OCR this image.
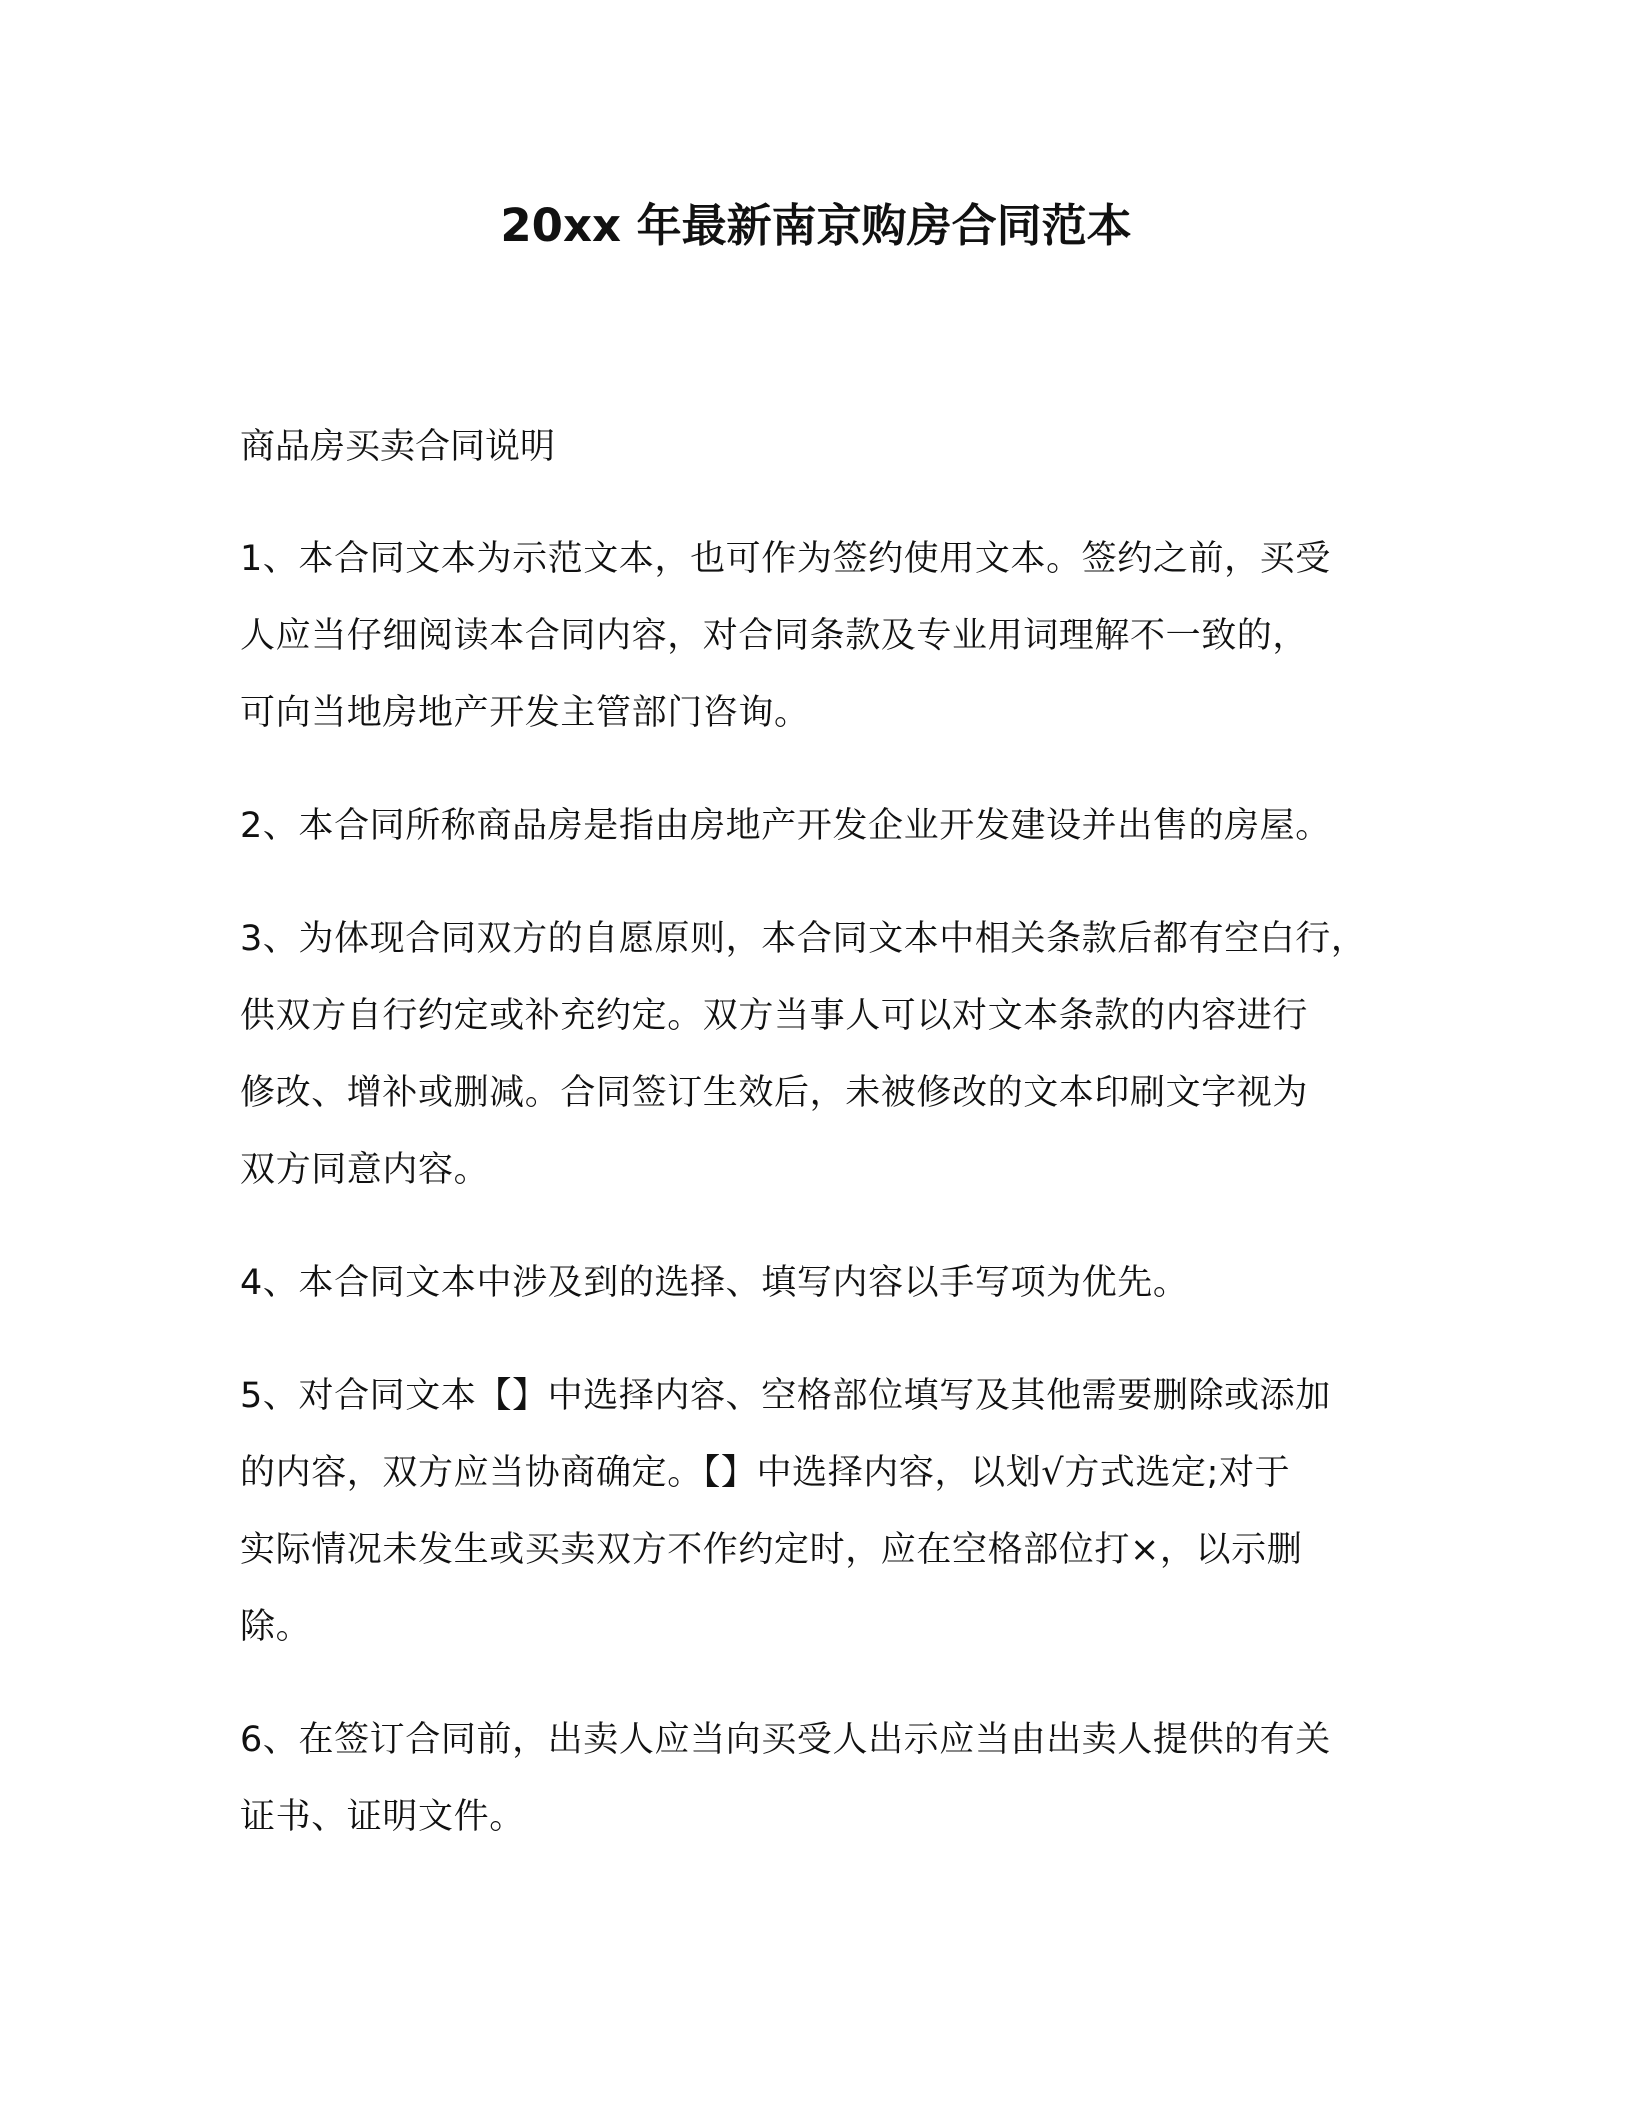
20xx 年最新南京购房合同范本
商品房买卖合同说明
1、本合同文本为示范文本，也可作为签约使用文本。签约之前，买受
人应当仔细阅读本合同内容，对合同条款及专业用词理解不一致的，
可向当地房地产开发主管部门咨询。
2、本合同所称商品房是指由房地产开发企业开发建设并出售的房屋。
3、为体现合同双方的自愿原则，本合同文本中相关条款后都有空白行，
供双方自行约定或补充约定。双方当事人可以对文本条款的内容进行
修改、增补或删减。合同签订生效后，未被修改的文本印刷文字视为
双方同意内容。
4、本合同文本中涉及到的选择、填写内容以手写项为优先。
5、对合同文本【】中选择内容、空格部位填写及其他需要删除或添加
的内容，双方应当协商确定。【】中选择内容，以划√方式选定;对于
实际情况未发生或买卖双方不作约定时，应在空格部位打×，以示删
除。
6、在签订合同前，出卖人应当向买受人出示应当由出卖人提供的有关
证书、证明文件。
